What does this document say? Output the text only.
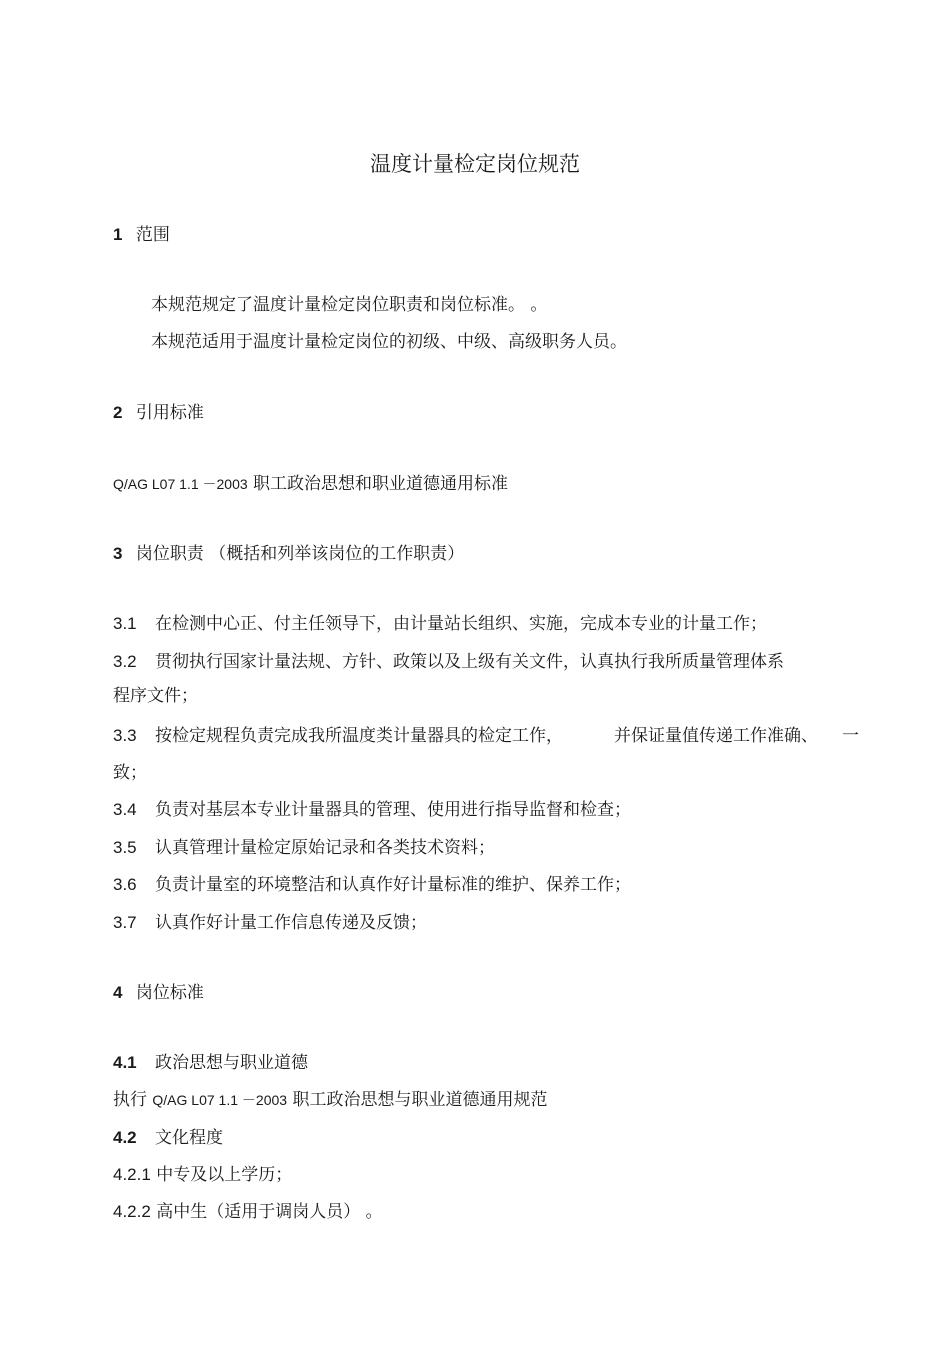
温度计量检定岗位规范
1 范围
本规范规定了温度计量检定岗位职责和岗位标准。 。
本规范适用于温度计量检定岗位的初级、中级、高级职务人员。
2 引用标准
Q/AG L07 1.1 －2003 职工政治思想和职业道德通用标准
3 岗位职责 （概括和列举该岗位的工作职责）
3.1 在检测中心正、付主任领导下，由计量站长组织、实施，完成本专业的计量工作；
3.2 贯彻执行国家计量法规、方针、政策以及上级有关文件，认真执行我所质量管理体系
程序文件；
3.3 按检定规程负责完成我所温度类计量器具的检定工作，	并保证量值传递工作准确、 一
致；
3.4 负责对基层本专业计量器具的管理、使用进行指导监督和检查；
3.5 认真管理计量检定原始记录和各类技术资料；
3.6 负责计量室的环境整洁和认真作好计量标准的维护、保养工作；
3.7 认真作好计量工作信息传递及反馈；
4 岗位标准
4.1 政治思想与职业道德
执行 Q/AG L07 1.1 －2003 职工政治思想与职业道德通用规范
4.2 文化程度
4.2.1 中专及以上学历；
4.2.2 高中生（适用于调岗人员） 。
